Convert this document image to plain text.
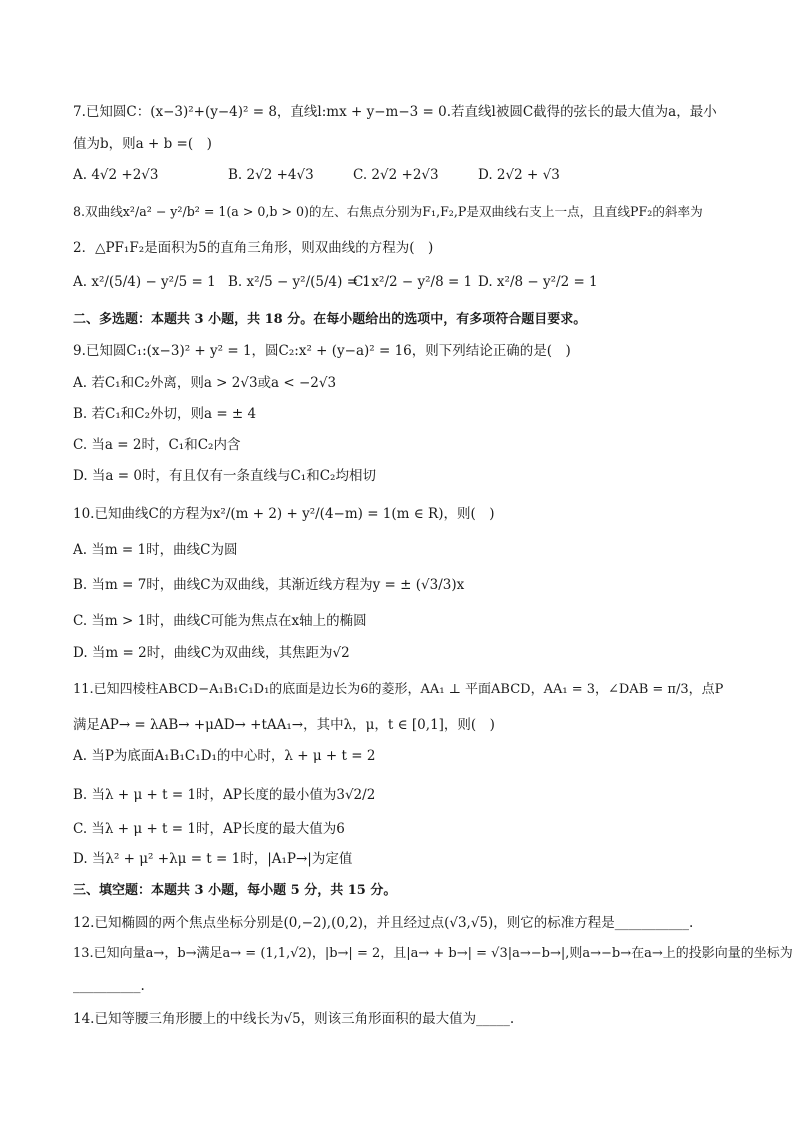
7.已知圆C：(x−3)²+(y−4)² = 8，直线l:mx + y−m−3 = 0.若直线l被圆C截得的弦长的最大值为a，最小
值为b，则a + b =(　)
A. 4√2 +2√3	B. 2√2 +4√3	C. 2√2 +2√3	D. 2√2 + √3
8.双曲线x²/a² − y²/b² = 1(a > 0,b > 0)的左、右焦点分别为F₁,F₂,P是双曲线右支上一点，且直线PF₂的斜率为
2．△PF₁F₂是面积为5的直角三角形，则双曲线的方程为(　)
A. x²/(5/4) − y²/5 = 1 B. x²/5 − y²/(5/4) = 1
C. x²/2 − y²/8 = 1 D. x²/8 − y²/2 = 1
二、多选题：本题共 3 小题，共 18 分。在每小题给出的选项中，有多项符合题目要求。
9.已知圆C₁:(x−3)² + y² = 1，圆C₂:x² + (y−a)² = 16，则下列结论正确的是(　)
A. 若C₁和C₂外离，则a > 2√3或a < −2√3
B. 若C₁和C₂外切，则a = ± 4
C. 当a = 2时，C₁和C₂内含
D. 当a = 0时，有且仅有一条直线与C₁和C₂均相切
10.已知曲线C的方程为x²/(m + 2) + y²/(4−m) = 1(m ∈ R)，则(　)
A. 当m = 1时，曲线C为圆
B. 当m = 7时，曲线C为双曲线，其渐近线方程为y = ± (√3/3)x
C. 当m > 1时，曲线C可能为焦点在x轴上的椭圆
D. 当m = 2时，曲线C为双曲线，其焦距为√2
11.已知四棱柱ABCD−A₁B₁C₁D₁的底面是边长为6的菱形，AA₁ ⊥ 平面ABCD，AA₁ = 3，∠DAB = π/3，点P
满足AP→ = λAB→ +μAD→ +tAA₁→，其中λ，μ，t ∈ [0,1]，则(　)
A. 当P为底面A₁B₁C₁D₁的中心时，λ + μ + t = 2
B. 当λ + μ + t = 1时，AP长度的最小值为3√2/2
C. 当λ + μ + t = 1时，AP长度的最大值为6
D. 当λ² + μ² +λμ = t = 1时，|A₁P→|为定值
三、填空题：本题共 3 小题，每小题 5 分，共 15 分。
12.已知椭圆的两个焦点坐标分别是(0,−2),(0,2)，并且经过点(√3,√5)，则它的标准方程是___________.
13.已知向量a→，b→满足a→ = (1,1,√2)，|b→| = 2，且|a→ + b→| = √3|a→−b→|,则a→−b→在a→上的投影向量的坐标为
__________.
14.已知等腰三角形腰上的中线长为√5，则该三角形面积的最大值为_____.
